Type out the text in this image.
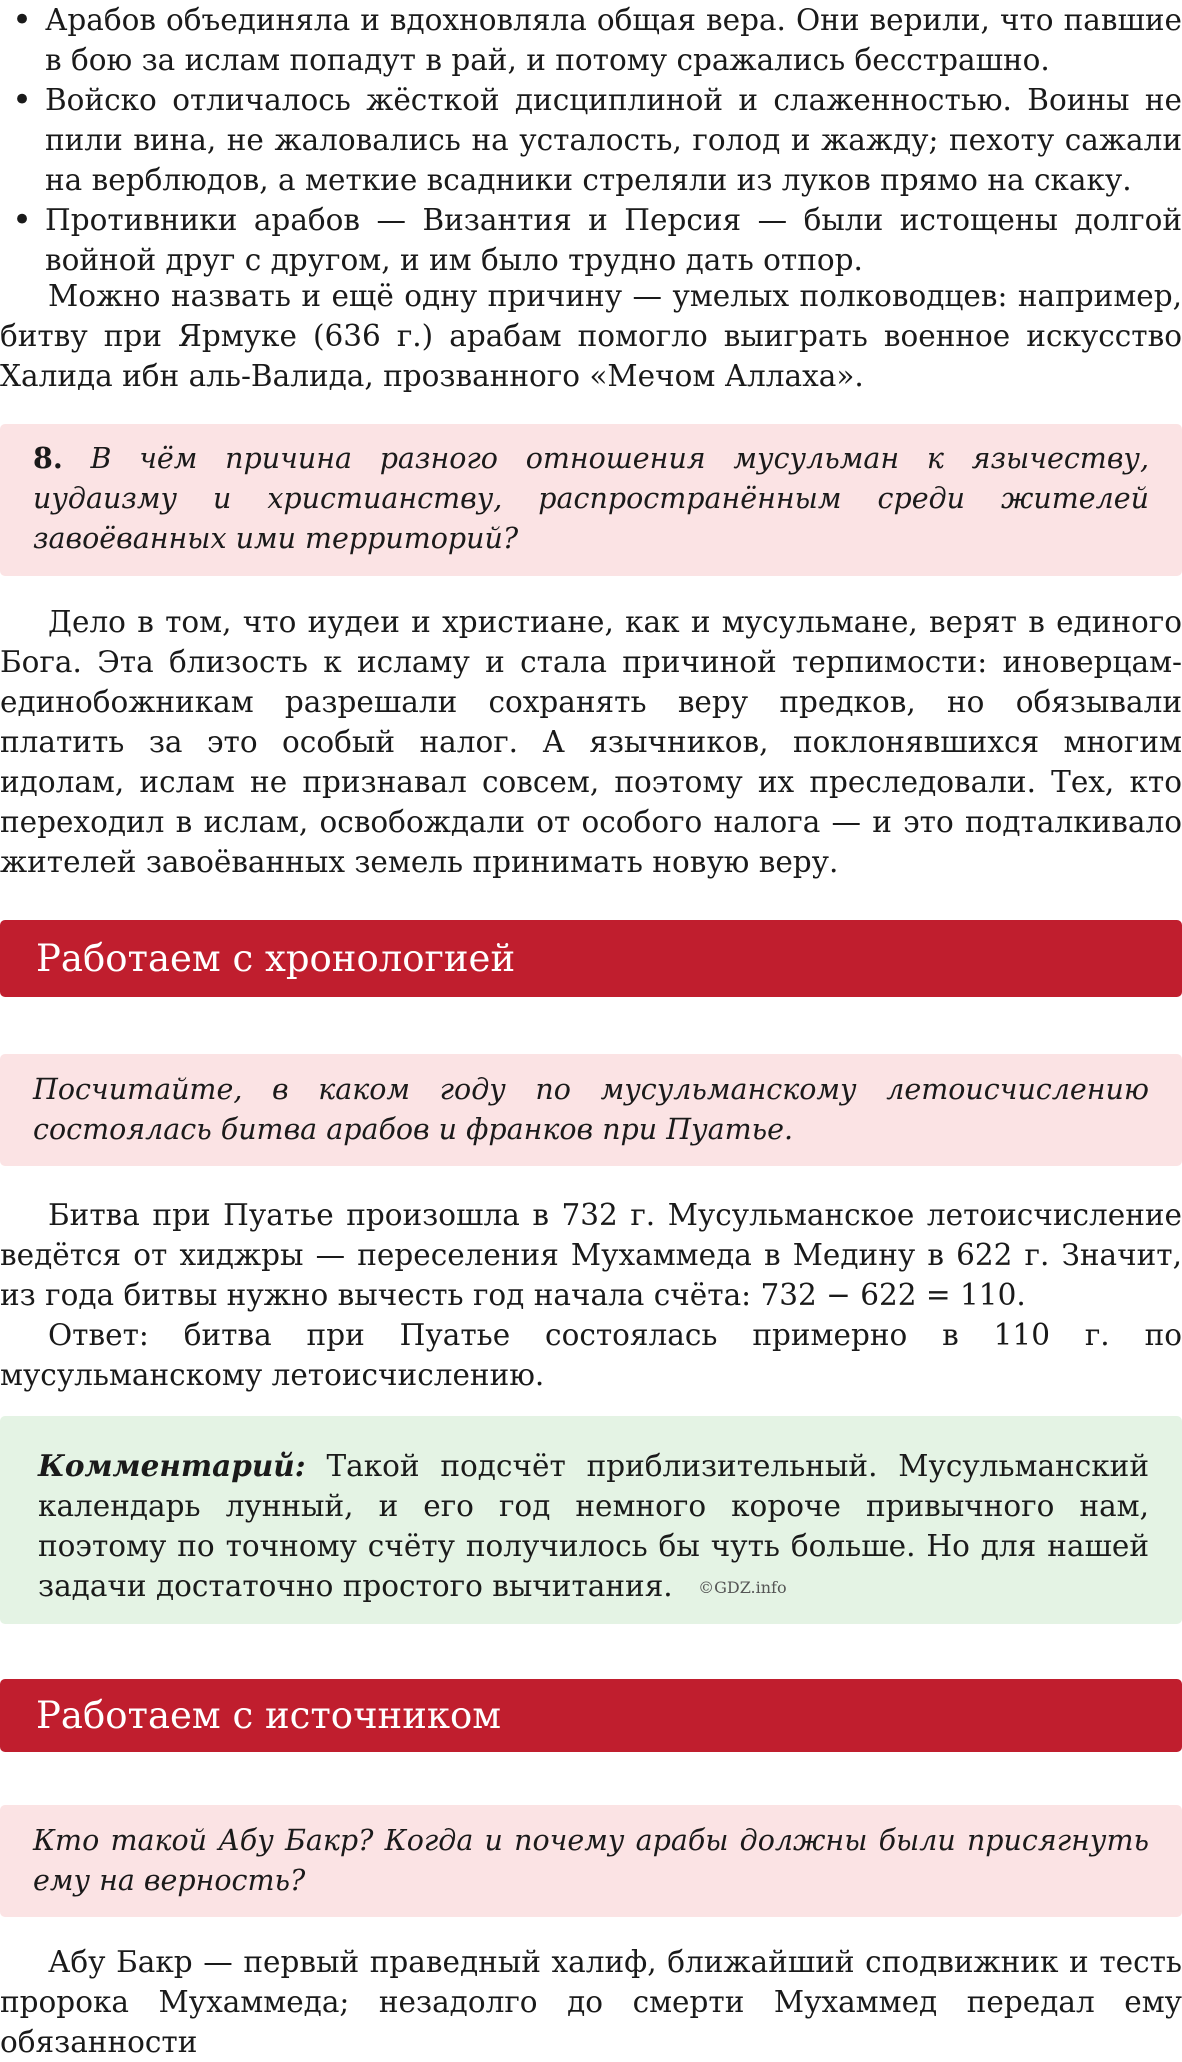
• Арабов объединяла и вдохновляла общая вера. Они верили, что павшие в бою за ислам попадут в рай, и потому сражались бесстрашно.
• Войско отличалось жёсткой дисциплиной и слаженностью. Воины не пили вина, не жаловались на усталость, голод и жажду; пехоту сажали на верблюдов, а меткие всадники стреляли из луков прямо на скаку.
• Противники арабов — Византия и Персия — были истощены долгой войной друг с другом, и им было трудно дать отпор.

Можно назвать и ещё одну причину — умелых полководцев: например, битву при Ярмуке (636 г.) арабам помогло выиграть военное искусство Халида ибн аль-Валида, прозванного «Мечом Аллаха».

8. В чём причина разного отношения мусульман к язычеству, иудаизму и христианству, распространённым среди жителей завоёванных ими территорий?

Дело в том, что иудеи и христиане, как и мусульмане, верят в единого Бога. Эта близость к исламу и стала причиной терпимости: иноверцам-единобожникам разрешали сохранять веру предков, но обязывали платить за это особый налог. А язычников, поклонявшихся многим идолам, ислам не признавал совсем, поэтому их преследовали. Тех, кто переходил в ислам, освобождали от особого налога — и это подталкивало жителей завоёванных земель принимать новую веру.

Работаем с хронологией
Посчитайте, в каком году по мусульманскому летоисчислению состоялась битва арабов и франков при Пуатье.

Битва при Пуатье произошла в 732 г. Мусульманское летоисчисление ведётся от хиджры — переселения Мухаммеда в Медину в 622 г. Значит, из года битвы нужно вычесть год начала счёта: 732 − 622 = 110.

Ответ: битва при Пуатье состоялась примерно в 110 г. по мусульманскому летоисчислению.

Комментарий: Такой подсчёт приблизительный. Мусульманский календарь лунный, и его год немного короче привычного нам, поэтому по точному счёту получилось бы чуть больше. Но для нашей задачи достаточно простого вычитания. ©GDZ.info
Работаем с источником
Кто такой Абу Бакр? Когда и почему арабы должны были присягнуть ему на верность?

Абу Бакр — первый праведный халиф, ближайший сподвижник и тесть пророка Мухаммеда; незадолго до смерти Мухаммед передал ему обязанности
